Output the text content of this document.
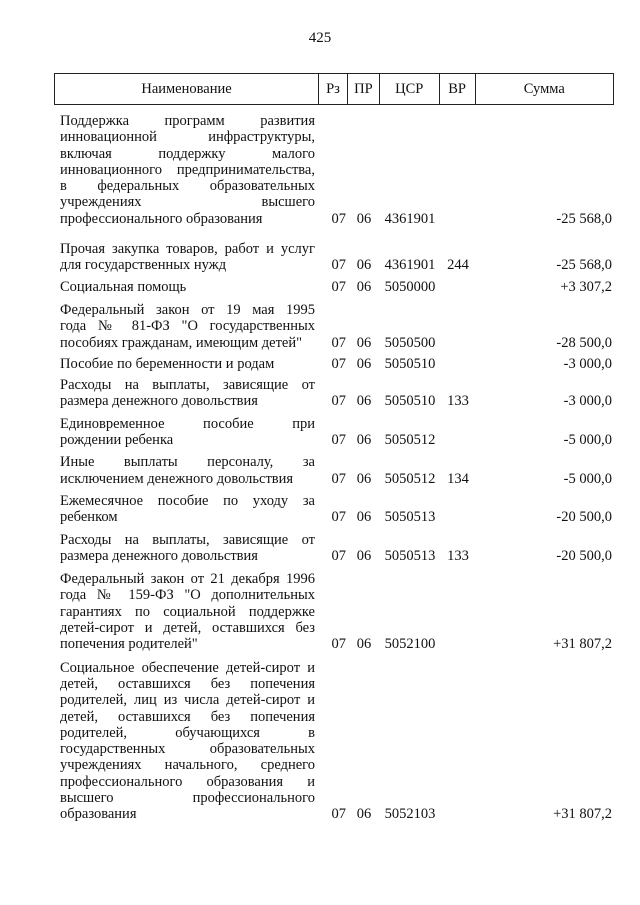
425
Наименование	Рз ПР	ЦСР	ВР	Сумма
Поддержка программ развития
инновационной инфраструктуры,
включая поддержку малого
инновационного предпринимательства,
в федеральных образовательных
учреждениях высшего
профессионального образования	07 06 4361901	-25 568,0
Прочая закупка товаров, работ и услуг
для государственных нужд	07 06 4361901 244	-25 568,0
Социальная помощь	07 06 5050000	+3 307,2
Федеральный закон от 19 мая 1995
года № 81-ФЗ "О государственных
пособиях гражданам, имеющим детей"	07 06 5050500	-28 500,0
Пособие по беременности и родам	07 06 5050510	-3 000,0
Расходы на выплаты, зависящие от
размера денежного довольствия	07 06 5050510 133	-3 000,0
Единовременное пособие при
рождении ребенка	07 06 5050512	-5 000,0
Иные выплаты персоналу, за
исключением денежного довольствия	07 06 5050512 134	-5 000,0
Ежемесячное пособие по уходу за
ребенком	07 06 5050513	-20 500,0
Расходы на выплаты, зависящие от
размера денежного довольствия	07 06 5050513 133	-20 500,0
Федеральный закон от 21 декабря 1996
года № 159-ФЗ "О дополнительных
гарантиях по социальной поддержке
детей-сирот и детей, оставшихся без
попечения родителей"	07 06 5052100	+31 807,2
Социальное обеспечение детей-сирот и
детей, оставшихся без попечения
родителей, лиц из числа детей-сирот и
детей, оставшихся без попечения
родителей, обучающихся в
государственных образовательных
учреждениях начального, среднего
профессионального образования и
высшего профессионального
образования	07 06 5052103	+31 807,2
